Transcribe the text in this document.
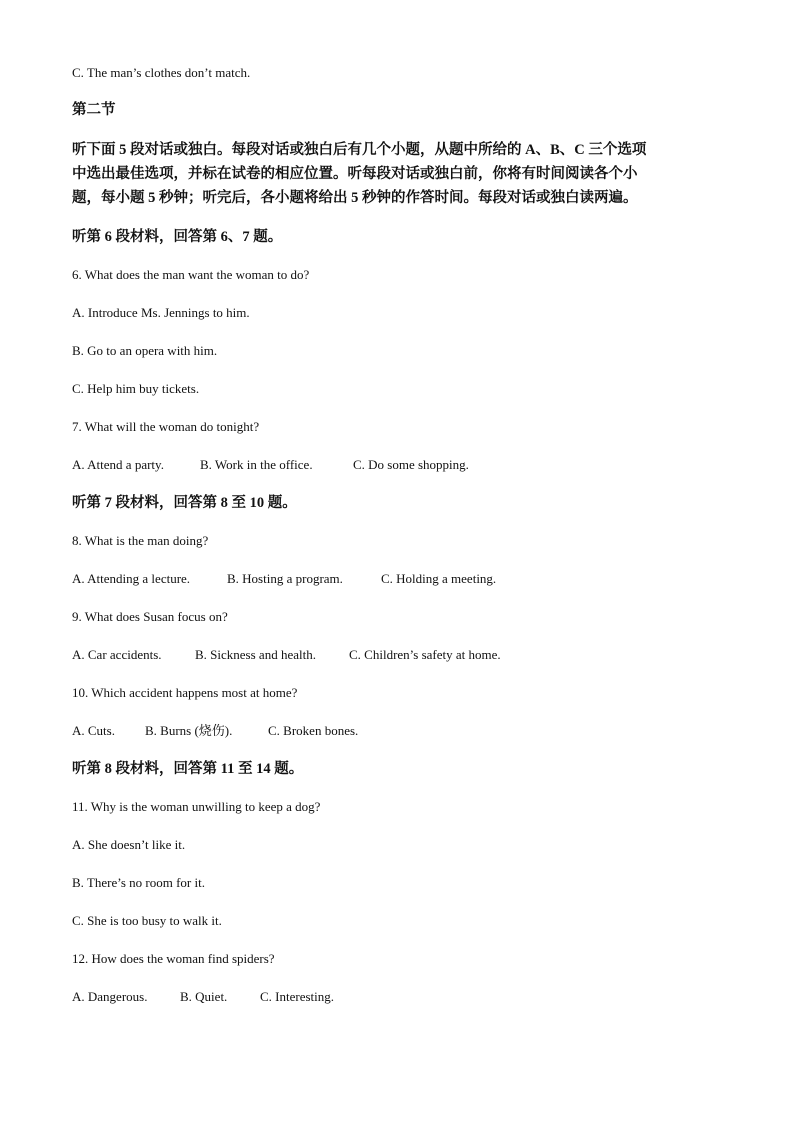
C. The man’s clothes don’t match.
第二节
听下面 5 段对话或独白。每段对话或独白后有几个小题，从题中所给的 A、B、C 三个选项
中选出最佳选项，并标在试卷的相应位置。听每段对话或独白前，你将有时间阅读各个小
题，每小题 5 秒钟；听完后，各小题将给出 5 秒钟的作答时间。每段对话或独白读两遍。
听第 6 段材料，回答第 6、7 题。
6. What does the man want the woman to do?
A. Introduce Ms. Jennings to him.
B. Go to an opera with him.
C. Help him buy tickets.
7. What will the woman do tonight?
A. Attend a party.	B. Work in the office.	C. Do some shopping.
听第 7 段材料，回答第 8 至 10 题。
8. What is the man doing?
A. Attending a lecture.	B. Hosting a program.	C. Holding a meeting.
9. What does Susan focus on?
A. Car accidents.	B. Sickness and health.	C. Children’s safety at home.
10. Which accident happens most at home?
A. Cuts. B. Burns (烧伤).	C. Broken bones.
听第 8 段材料，回答第 11 至 14 题。
11. Why is the woman unwilling to keep a dog?
A. She doesn’t like it.
B. There’s no room for it.
C. She is too busy to walk it.
12. How does the woman find spiders?
A. Dangerous.	B. Quiet.	C. Interesting.
